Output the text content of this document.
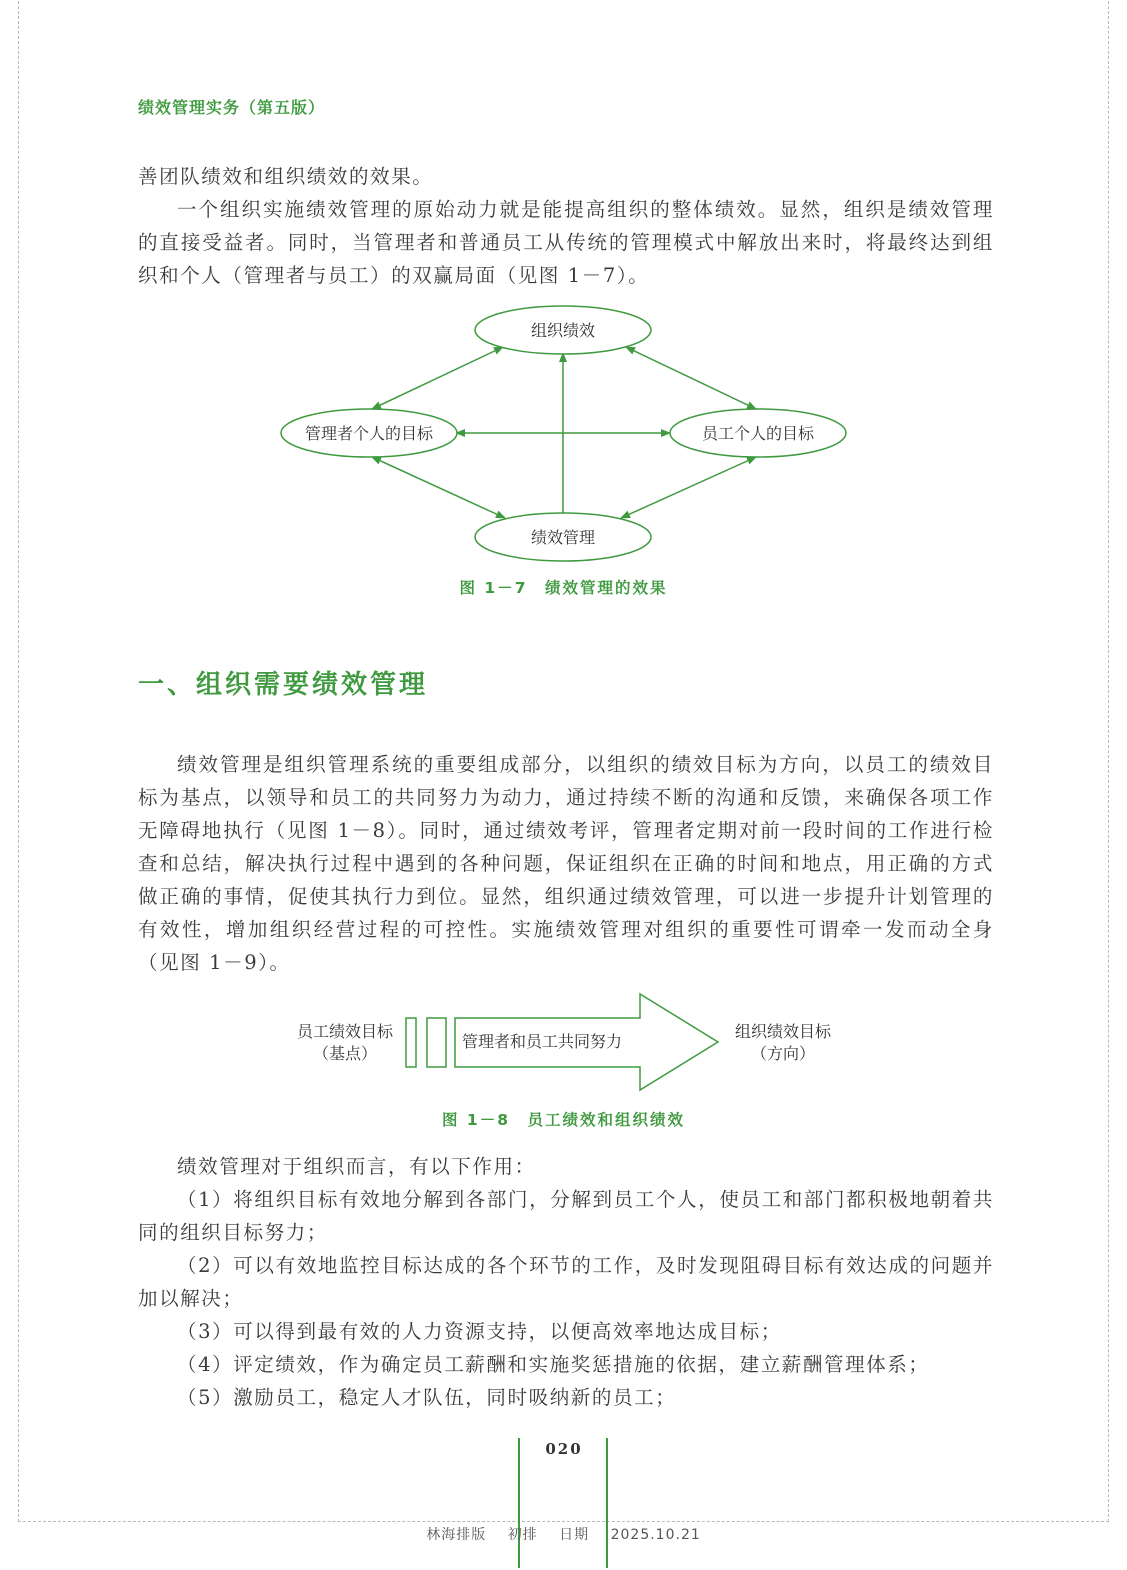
绩效管理实务（第五版）

善团队绩效和组织绩效的效果。

一个组织实施绩效管理的原始动力就是能提高组织的整体绩效。显然，组织是绩效管理的直接受益者。同时，当管理者和普通员工从传统的管理模式中解放出来时，将最终达到组织和个人（管理者与员工）的双赢局面（见图 1－7）。

组织绩效
管理者个人的目标	员工个人的目标
绩效管理
图 1－7　绩效管理的效果
一、组织需要绩效管理

绩效管理是组织管理系统的重要组成部分，以组织的绩效目标为方向，以员工的绩效目标为基点，以领导和员工的共同努力为动力，通过持续不断的沟通和反馈，来确保各项工作无障碍地执行（见图 1－8）。同时，通过绩效考评，管理者定期对前一段时间的工作进行检查和总结，解决执行过程中遇到的各种问题，保证组织在正确的时间和地点，用正确的方式做正确的事情，促使其执行力到位。显然，组织通过绩效管理，可以进一步提升计划管理的有效性，增加组织经营过程的可控性。实施绩效管理对组织的重要性可谓牵一发而动全身（见图 1－9）。

员工绩效目标
（基点）
管理者和员工共同努力
组织绩效目标
（方向）
图 1－8　员工绩效和组织绩效

绩效管理对于组织而言，有以下作用：

（1）将组织目标有效地分解到各部门，分解到员工个人，使员工和部门都积极地朝着共同的组织目标努力；

（2）可以有效地监控目标达成的各个环节的工作，及时发现阻碍目标有效达成的问题并加以解决；

（3）可以得到最有效的人力资源支持，以便高效率地达成目标；

（4）评定绩效，作为确定员工薪酬和实施奖惩措施的依据，建立薪酬管理体系；

（5）激励员工，稳定人才队伍，同时吸纳新的员工；

020
林海排版 初排 日期 2025.10.21
